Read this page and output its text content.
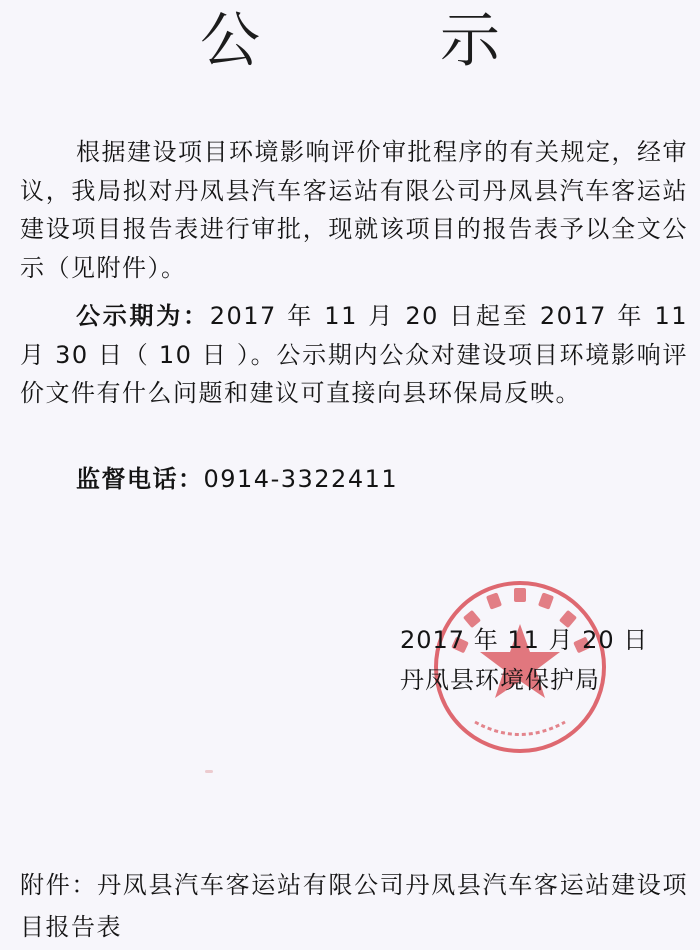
公　示

根据建设项目环境影响评价审批程序的有关规定，经审议，我局拟对丹凤县汽车客运站有限公司丹凤县汽车客运站建设项目报告表进行审批，现就该项目的报告表予以全文公示（见附件）。

公示期为：2017 年 11 月 20 日起至 2017 年 11 月 30 日（ 10 日 ）。公示期内公众对建设项目环境影响评价文件有什么问题和建议可直接向县环保局反映。

监督电话：0914-3322411

2017 年 11 月 20 日
丹凤县环境保护局

附件：丹凤县汽车客运站有限公司丹凤县汽车客运站建设项目报告表
